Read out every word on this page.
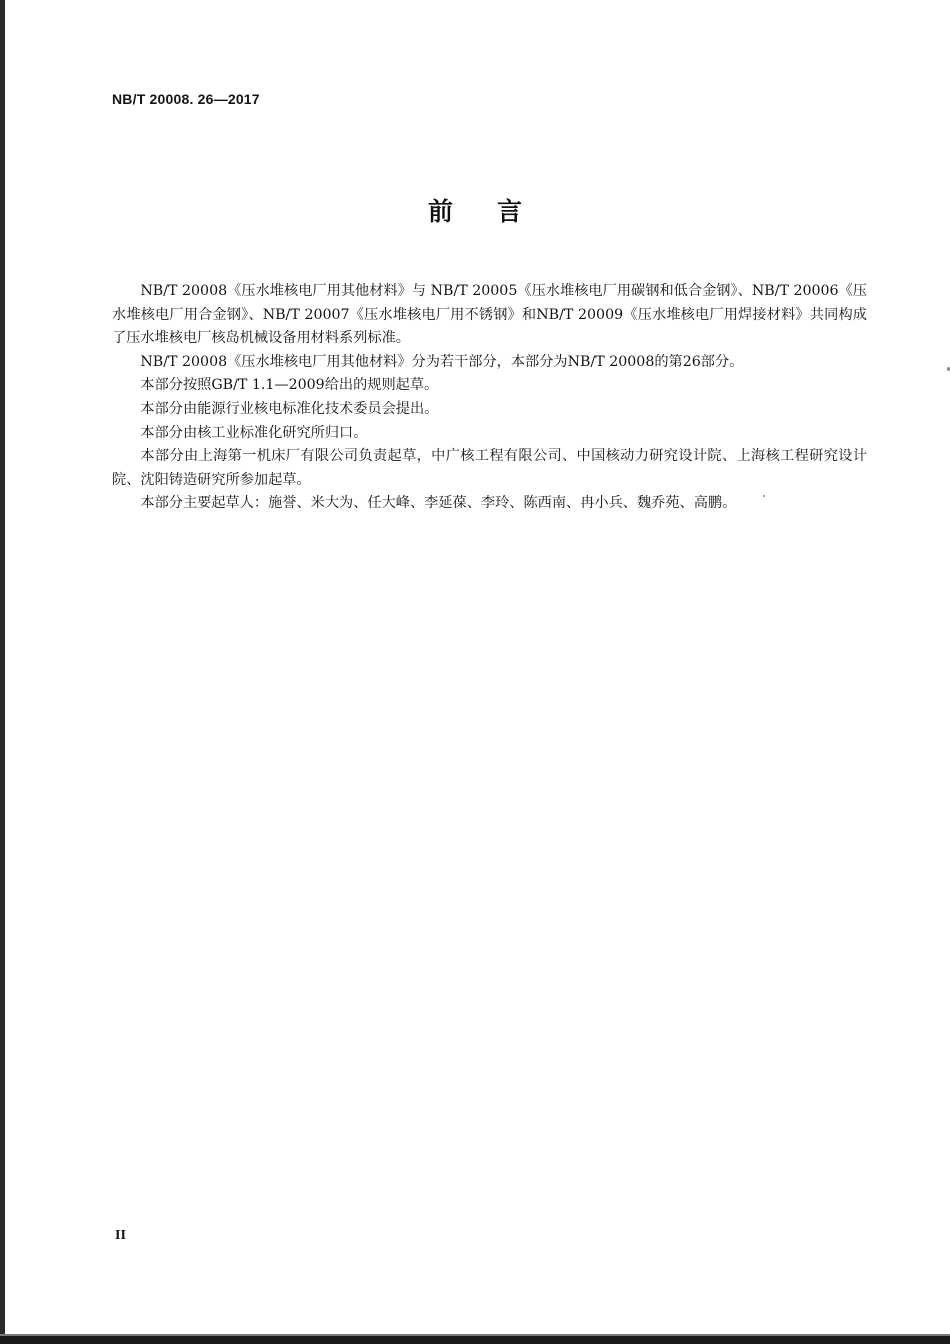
NB/T 20008. 26—2017
前言

NB/T 20008《压水堆核电厂用其他材料》与 NB/T 20005《压水堆核电厂用碳钢和低合金钢》、NB/T 20006《压水堆核电厂用合金钢》、NB/T 20007《压水堆核电厂用不锈钢》和NB/T 20009《压水堆核电厂用焊接材料》共同构成了压水堆核电厂核岛机械设备用材料系列标准。

NB/T 20008《压水堆核电厂用其他材料》分为若干部分，本部分为NB/T 20008的第26部分。

本部分按照GB/T 1.1—2009给出的规则起草。

本部分由能源行业核电标准化技术委员会提出。

本部分由核工业标准化研究所归口。

本部分由上海第一机床厂有限公司负责起草，中广核工程有限公司、中国核动力研究设计院、上海核工程研究设计院、沈阳铸造研究所参加起草。

本部分主要起草人：施誉、米大为、任大峰、李延葆、李玲、陈西南、冉小兵、魏乔苑、高鹏。

II
